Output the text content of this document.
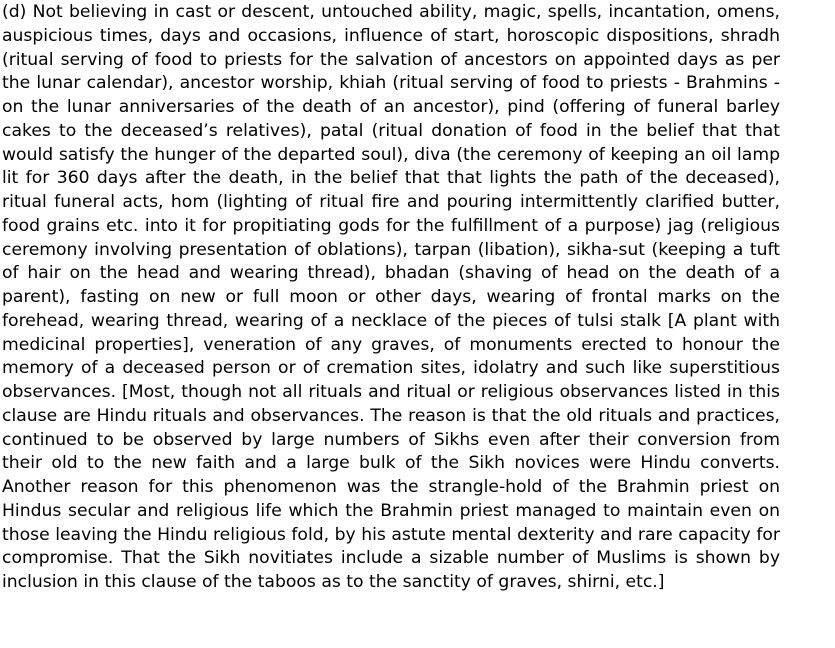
(d) Not believing in cast or descent, untouched ability, magic, spells, incantation, omens, auspicious times, days and occasions, influence of start, horoscopic dispositions, shradh (ritual serving of food to priests for the salvation of ancestors on appointed days as per the lunar calendar), ancestor worship, khiah (ritual serving of food to priests - Brahmins - on the lunar anniversaries of the death of an ancestor), pind (offering of funeral barley cakes to the deceased’s relatives), patal (ritual donation of food in the belief that that would satisfy the hunger of the departed soul), diva (the ceremony of keeping an oil lamp lit for 360 days after the death, in the belief that that lights the path of the deceased), ritual funeral acts, hom (lighting of ritual fire and pouring intermittently clarified butter, food grains etc. into it for propitiating gods for the fulfillment of a purpose) jag (religious ceremony involving presentation of oblations), tarpan (libation), sikha-sut (keeping a tuft of hair on the head and wearing thread), bhadan (shaving of head on the death of a parent), fasting on new or full moon or other days, wearing of frontal marks on the forehead, wearing thread, wearing of a necklace of the pieces of tulsi stalk [A plant with medicinal properties], veneration of any graves, of monuments erected to honour the memory of a deceased person or of cremation sites, idolatry and such like superstitious observances. [Most, though not all rituals and ritual or religious observances listed in this clause are Hindu rituals and observances. The reason is that the old rituals and practices, continued to be observed by large numbers of Sikhs even after their conversion from their old to the new faith and a large bulk of the Sikh novices were Hindu converts. Another reason for this phenomenon was the strangle-hold of the Brahmin priest on Hindus secular and religious life which the Brahmin priest managed to maintain even on those leaving the Hindu religious fold, by his astute mental dexterity and rare capacity for compromise. That the Sikh novitiates include a sizable number of Muslims is shown by inclusion in this clause of the taboos as to the sanctity of graves, shirni, etc.]
